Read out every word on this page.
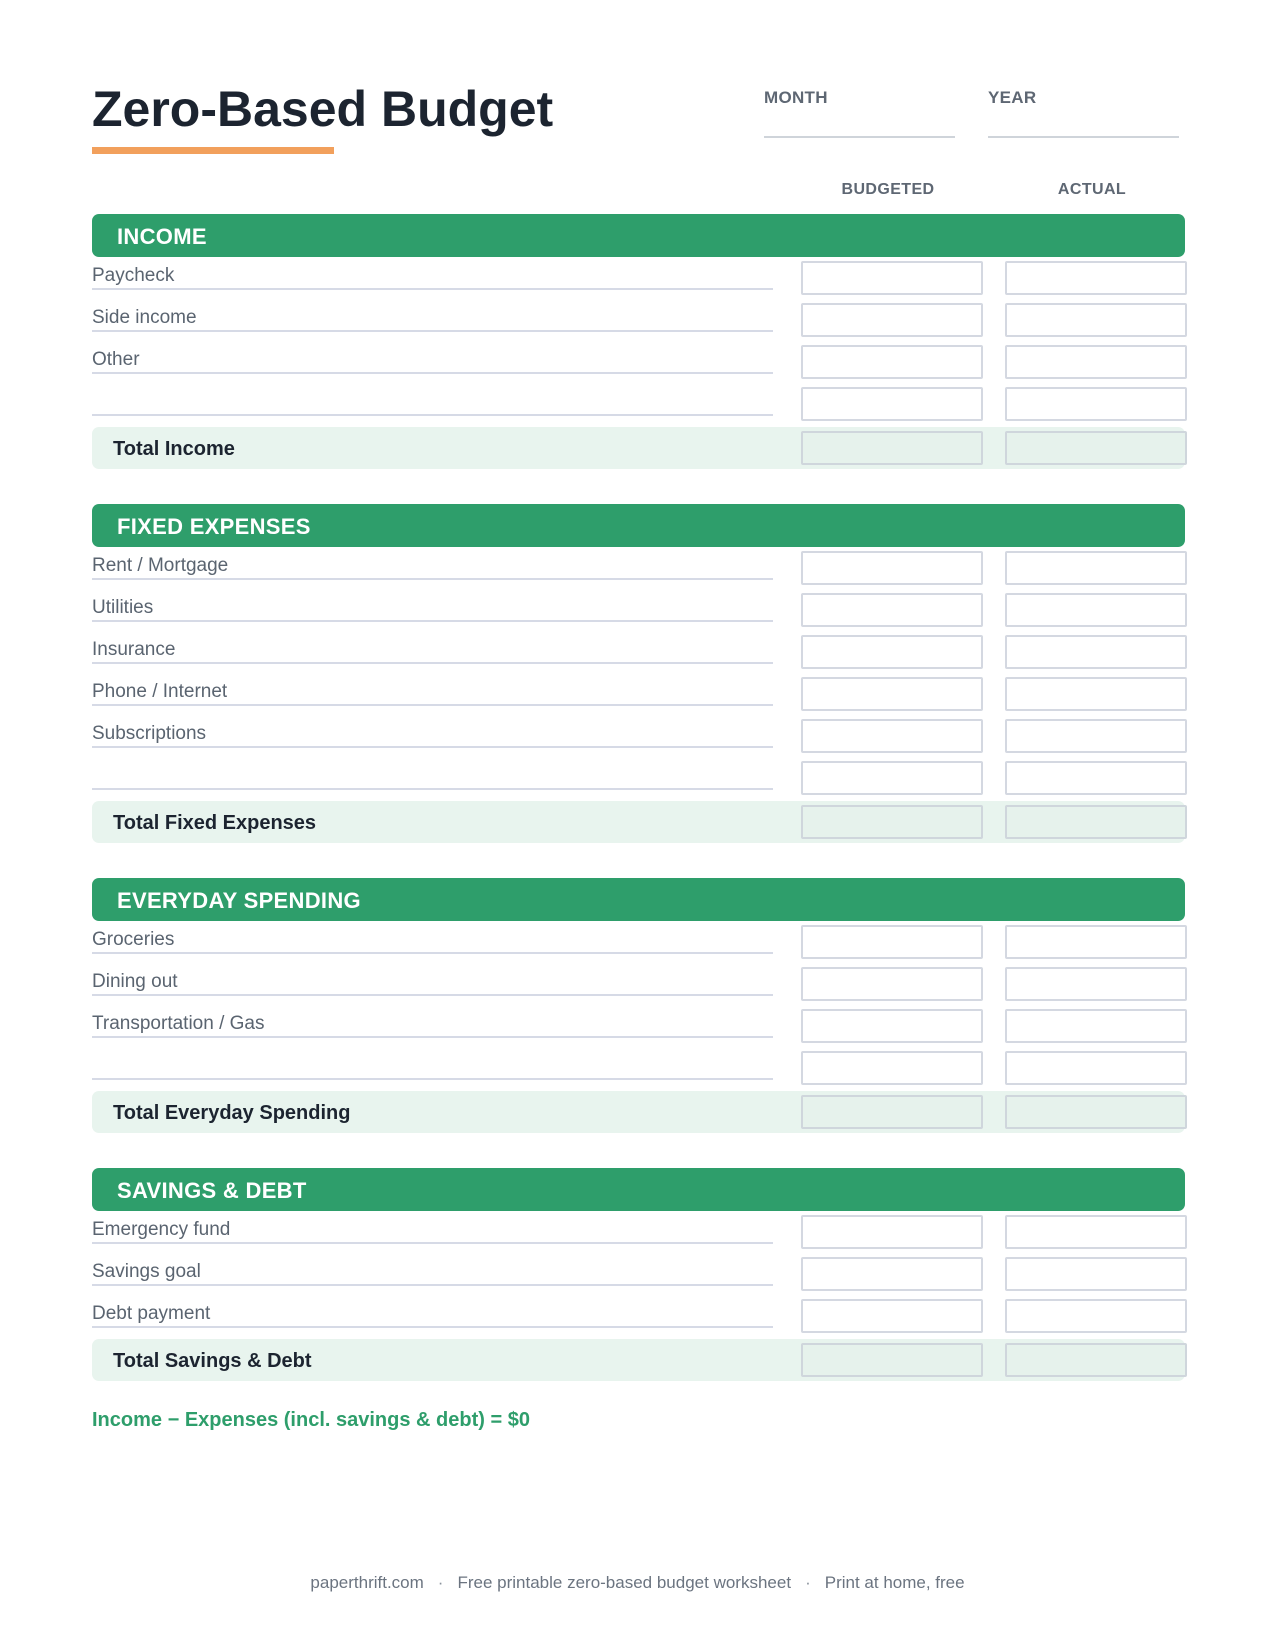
Zero-Based Budget	MONTH	YEAR
BUDGETED	ACTUAL
INCOME
Paycheck
Side income
Other
Total Income
FIXED EXPENSES
Rent / Mortgage
Utilities
Insurance
Phone / Internet
Subscriptions
Total Fixed Expenses
EVERYDAY SPENDING
Groceries
Dining out
Transportation / Gas
Total Everyday Spending
SAVINGS & DEBT
Emergency fund
Savings goal
Debt payment
Total Savings & Debt
Income − Expenses (incl. savings & debt) = $0
paperthrift.com · Free printable zero-based budget worksheet · Print at home, free
